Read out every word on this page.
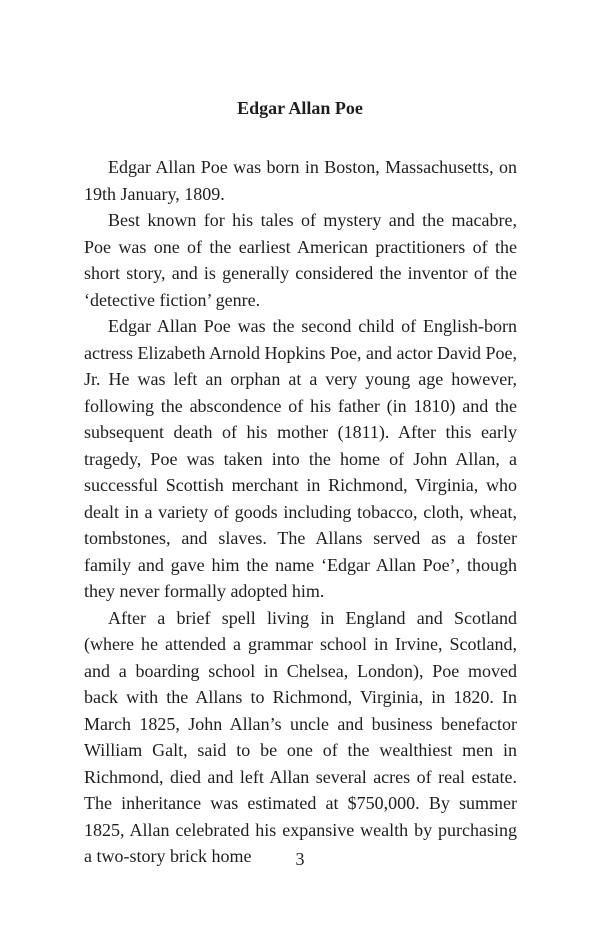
Edgar Allan Poe

Edgar Allan Poe was born in Boston, Massachusetts, on 19th January, 1809.

Best known for his tales of mystery and the macabre, Poe was one of the earliest American practitioners of the short story, and is generally considered the inventor of the ‘detective fiction’ genre.

Edgar Allan Poe was the second child of English-born actress Elizabeth Arnold Hopkins Poe, and actor David Poe, Jr. He was left an orphan at a very young age however, following the abscondence of his father (in 1810) and the subsequent death of his mother (1811). After this early tragedy, Poe was taken into the home of John Allan, a successful Scottish merchant in Richmond, Virginia, who dealt in a variety of goods including tobacco, cloth, wheat, tombstones, and slaves. The Allans served as a foster family and gave him the name ‘Edgar Allan Poe’, though they never formally adopted him.

After a brief spell living in England and Scotland (where he attended a grammar school in Irvine, Scotland, and a boarding school in Chelsea, London), Poe moved back with the Allans to Richmond, Virginia, in 1820. In March 1825, John Allan’s uncle and business benefactor William Galt, said to be one of the wealthiest men in Richmond, died and left Allan several acres of real estate. The inheritance was estimated at $750,000. By summer 1825, Allan celebrated his expansive wealth by purchasing a two-story brick home	3
